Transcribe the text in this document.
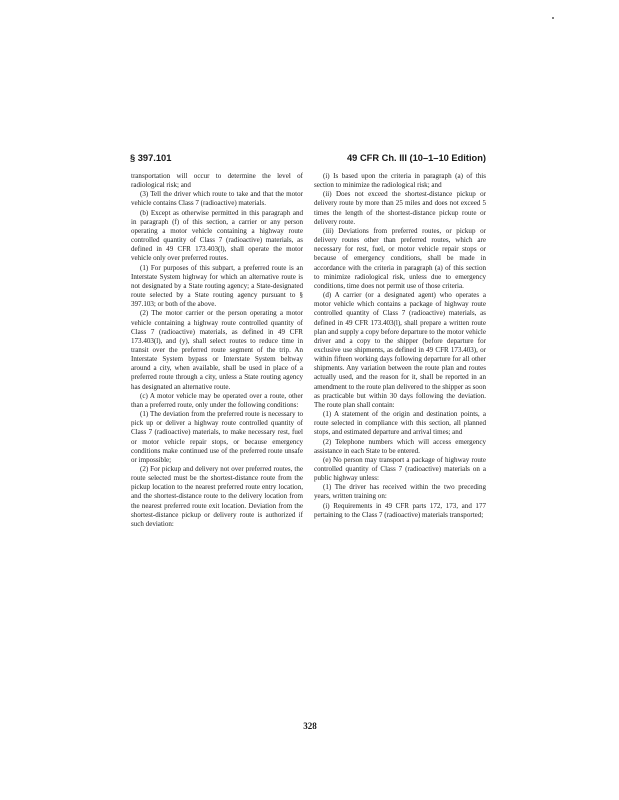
§ 397.101	49 CFR Ch. III (10–1–10 Edition)

transportation will occur to determine the level of radiological risk; and

(3) Tell the driver which route to take and that the motor vehicle contains Class 7 (radioactive) materials.

(b) Except as otherwise permitted in this paragraph and in paragraph (f) of this section, a carrier or any person operating a motor vehicle containing a highway route controlled quantity of Class 7 (radioactive) materials, as defined in 49 CFR 173.403(l), shall operate the motor vehicle only over preferred routes.

(1) For purposes of this subpart, a preferred route is an Interstate System highway for which an alternative route is not designated by a State routing agency; a State-designated route selected by a State routing agency pursuant to § 397.103; or both of the above.

(2) The motor carrier or the person operating a motor vehicle containing a highway route controlled quantity of Class 7 (radioactive) materials, as defined in 49 CFR 173.403(l), and (y), shall select routes to reduce time in transit over the preferred route segment of the trip. An Interstate System bypass or Interstate System beltway around a city, when available, shall be used in place of a preferred route through a city, unless a State routing agency has designated an alternative route.

(c) A motor vehicle may be operated over a route, other than a preferred route, only under the following conditions:

(1) The deviation from the preferred route is necessary to pick up or deliver a highway route controlled quantity of Class 7 (radioactive) materials, to make necessary rest, fuel or motor vehicle repair stops, or because emergency conditions make continued use of the preferred route unsafe or impossible;

(2) For pickup and delivery not over preferred routes, the route selected must be the shortest-distance route from the pickup location to the nearest preferred route entry location, and the shortest-distance route to the delivery location from the nearest preferred route exit location. Deviation from the shortest-distance pickup or delivery route is authorized if such deviation:

(i) Is based upon the criteria in paragraph (a) of this section to minimize the radiological risk; and

(ii) Does not exceed the shortest-distance pickup or delivery route by more than 25 miles and does not exceed 5 times the length of the shortest-distance pickup route or delivery route.

(iii) Deviations from preferred routes, or pickup or delivery routes other than preferred routes, which are necessary for rest, fuel, or motor vehicle repair stops or because of emergency conditions, shall be made in accordance with the criteria in paragraph (a) of this section to minimize radiological risk, unless due to emergency conditions, time does not permit use of those criteria.

(d) A carrier (or a designated agent) who operates a motor vehicle which contains a package of highway route controlled quantity of Class 7 (radioactive) materials, as defined in 49 CFR 173.403(l), shall prepare a written route plan and supply a copy before departure to the motor vehicle driver and a copy to the shipper (before departure for exclusive use shipments, as defined in 49 CFR 173.403), or within fifteen working days following departure for all other shipments. Any variation between the route plan and routes actually used, and the reason for it, shall be reported in an amendment to the route plan delivered to the shipper as soon as practicable but within 30 days following the deviation. The route plan shall contain:

(1) A statement of the origin and destination points, a route selected in compliance with this section, all planned stops, and estimated departure and arrival times; and

(2) Telephone numbers which will access emergency assistance in each State to be entered.

(e) No person may transport a package of highway route controlled quantity of Class 7 (radioactive) materials on a public highway unless:

(1) The driver has received within the two preceding years, written training on:

(i) Requirements in 49 CFR parts 172, 173, and 177 pertaining to the Class 7 (radioactive) materials transported;

328
